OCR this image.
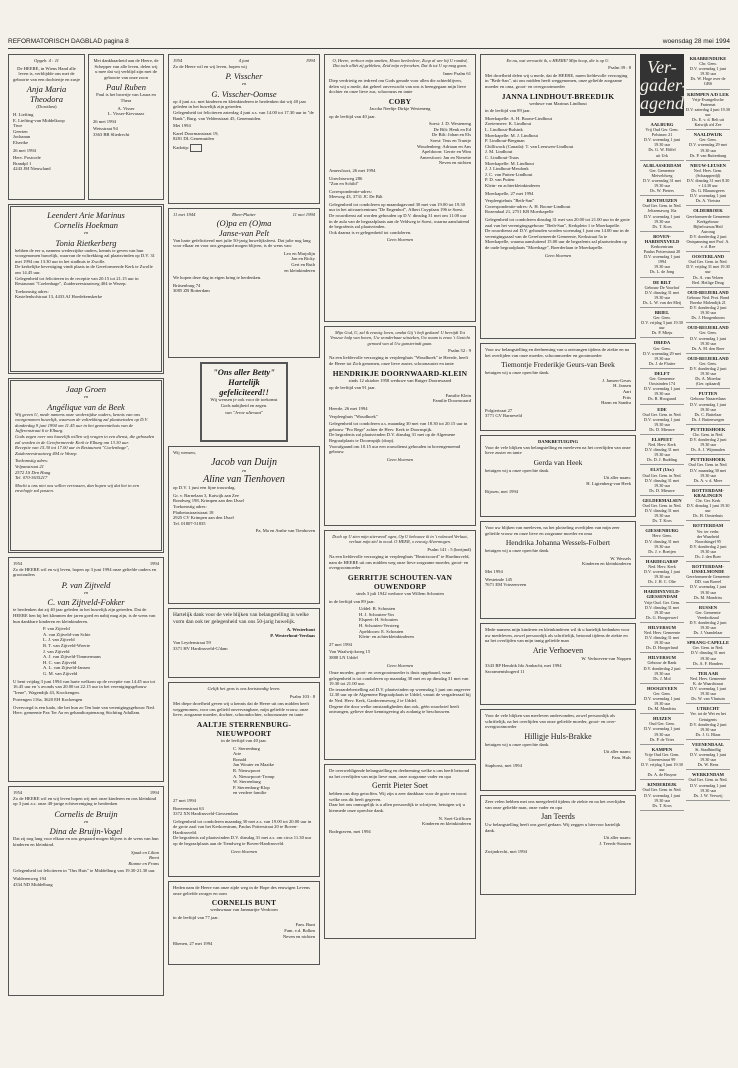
REFORMATORISCH DAGBLAD pagina 8	woensdag 28 mei 1994

Opgeb. 4 : 11

De HEERE, in Wiens Hand alle leven is, verblijdde ons met de geboorte van een dochtertje en zusje

Anja Maria Theodora

(Dorothea)

H. Liefting
E. Liefting-van Middelkoop
Tiwe
Geerten
Jochanan
Elsertke

26 mei 1994

Herv. Postcode
Brandpl 1
4243 JM Nieuwland

Met dankbaarheid aan de Heere, de Schepper van alle leven, delen wij u mee dat wij verblijd zijn met de geboorte van onze zoon

Paul Ruben

Paul is het broertje van Laura en Thera

A. Visser
L. Visser-Kievasaar

26 mei 1994

Wetsstraat 94
3363 BB Sliedrecht

Leendert Arie Marinus
Cornelis Hoekman

en

Tonia Rietkerberg

hebben de eer u, namens wederzijdse ouders, kennis te geven van hun voorgenomen huwelijk, waarvan de voltrekking zal plaatsvinden op D.V. 31 mei 1994 om 13.30 uur in het stadhuis te Zwolle.
De kerkelijke bevestiging vindt plaats in de Gereformeerde Kerk te Zwolle om 14.45 uur.
Gelegenheid tot feliciteren in de receptie van 20.15 tot 21.15 uur in Restaurant "Coelenhage", Zuiderzeestraatweg 404 te Wezep.

Toekomstig adres:
Kastelenhofstraat 13, 4433 AJ Hoedekenskerke

Jaap Groen

en

Angélique van de Beek

Wij geven U, mede namens onze wederzijdse ouders, kennis van ons voorgenomen huwelijk, waarvan de voltrekking zal plaatsvinden op D.V. donderdag 9 juni 1994 om 11.45 uur in het gemeentehuis van de Jufferenstraat 6 te Elburg.
Gods zegen over ons huwelijk willen wij vragen in een dienst, die gehouden zal worden in de Gereformeerde Kerk te Elburg om 13.30 uur.
Receptie van 15.30 tot 17.00 uur in Restaurant "Coelenhage", Zuiderzeestraatweg 404 te Wezep.

Toekomstig adres:
Velpanstraat 21
2572 LS Den Haag
Tel. 070-3635217

Mocht u ons niet ons willen verrassen, dan hopen wij dat het in een envelopje zal passen.

1954	1994

Zo de HEERE wil en wij leven, hopen op 3 juni 1994 onze geliefde ouders en grootouders

P. van Zijtveld

en

C. van Zijtveld-Fokker

te herdenken dat zij 40 jaar geleden in het huwelijk zijn getreden. Dat de HEERE hen bij het klimmen der jaren goed en nabij mag zijn, is de wens van hun dankbare kinderen en kleinkinderen.

P. van Zijtveld
A. van Zijtveld-van Schie
L. J. van Zijtveld
B. T. van Zijtveld-Woerte
J. van Zijtveld
A. J. van Zijtveld-Timmermans
H. C. van Zijtveld
A. L. van Zijtveld-Jansen
G. M. van Zijtveld

U bent vrijdag 3 juni 1994 van harte welkom op de receptie van 14.45 uur tot 16.45 uur en 's avonds van 20.00 tot 22.15 uur in het verenigingsgebouw "Irene", Wagendijk 43, Krockengen.

Portengen 116a, 3620 EH Kockengen

Overvoegd is een kado, die het hun zo Ten bate van verenigingsgebouw Ned. Herv. gemeente Pax Ter Aa en gehandicaptenzorg Stichting Adullam.

1954	1994

Zo de HEERE wil en wij leven hopen wij met onze kinderen en ons kleinkind op 3 juni a.s. onze 40-jarige echtvereniging te herdenken

Cornelis de Bruijn

en

Dina de Bruijn-Vogel

Dat zij nog lang voor elkaar en ons gespaard mogen blijven is de wens van hun kinderen en kleinkind.

Sjaak en Lilian
Brent
Rianne en Frans

Gelegenheid tot feliciteren in "Ons Huis" te Middelburg van 19.30-21.30 uur.

Walderenweg 194
4334 ND Middelburg

1954	4 juni	1994

Zo de Heere wil en wij leven, hopen wij

P. Visscher

en

G. Visscher-Oomse

op 4 juni a.s. met kinderen en kleinkinderen te herdenken dat wij 40 jaar geleden in het huwelijk zijn getreden.
Gelegenheid tot feliciteren zaterdag 4 juni a.s. van 14.00 tot 17.30 uur in "de Bank", Burg. van Veldenstraat 45, Genemuiden.

Mei 1994

Karel Doormanstraat 19,
8281 DL Genemuiden

Kadotip:

11 mei 1944	Rhen-Platter	11 mei 1994
(O)pa en (O)ma
Janse-van Pelt

Van harte gefeliciteerd met julie 50-jarig huwelijksfeest. Dat julie nog lang voor elkaar en voor ons gespaard mogen blijven, is de wens van:

Leo en Marjolijn
Jan en Ricky
Gert en Ruth
en kleinkinderen

We hopen deze dag in eigen kring te herdenken.

Britsenburg 74
3085 ZB Rotterdam

"Ons aller Betty" Hartelijk gefeliciteerd!!

Wij wensen je ook voor de toekomst Gods nabijheid en zegen.

van "Jeroe uItevaat"

Wij wensen,

Jacob van Duijn

en

Aline van Tienhoven

op D.V. 1 juni een fijne trouwdag.

Gr. v. Barnelaan 3, Katwijk aan Zee
Rondweg 198, Krimpen aan den IJssel
Toekomstig adres:
Platbetastraatstraat 18
2925 CV Krimpen aan den IJssel
Tel. 01807-51835

Pa, Ma en Arnhe van Tienhoven

Hartelijk dank voor de vele blijken van belangstelling in welke vorm dan ook ter gelegenheid van ons 50-jarig huwelijk.

A. Westerhout
P. Westerhout-Verdaas

Van Leydenstraat 59
3371 HV Hardinxveld-G'dam

Gelijk het gras is ons kortstondig leven.

Psalm 103 : 8

Met diepe droefheid geven wij u kennis dat de Heere uit ons midden heeft weggenomen, voor ons geliefd onvervangbare, mijn geliefde vrouw, onze lieve, zorgzame moeder, dochter, schoondochter, schoonzuster en tante

AALTJE STERRENBURG-NIEUWPOORT

in de leeftijd van 40 jaar.

C. Sterrenburg
Arie
Ronald
Jan Wouter en Maaike
R. Nieuwpoort
A. Nieuwpoort-Tromp
W. Sterrenburg
P. Sterrenburg-Klop
en verdere familie

27 mei 1994

Boezemstraat 63
3372 XN Hardinxveld-Giessendam

Gelegenheid tot condoleren maandag 30 mei a.s. van 19.00 tot 20.00 uur in de grote zaal van het Kerkcentrum, Paulus Potterstraat 20 te Boven-Hardinxveld.
De begrafenis zal plaatsvinden D.V. dinsdag 31 mei a.s. om circa 11.30 uur op de begraafplaats aan de Tiendweg te Boven-Hardinxveld.

Geen bloemen

Heden nam de Heere van onze zijde weg in de Hope des eeuwigen Levens onze geliefde zwager en oom

CORNELIS BUNT

weduwnaar van Janmartjte Verdoorn

in de leeftijd van 77 jaar.

Fam. Bunt
Fam. v.d. Bolkm
Neven en nichten

Rhenen, 27 mei 1994

O, Heere, verhoor mijn smeken, Houw heelenleve, Zoop al wer bij U ronded, Dia toch alliét zij gebleken, Zeid mijn erfvroeken. Dat ik tot U op mag gaan.

Inner Psalm 61

Diep verdrietig en tedreed om Gods genade voor allen die achterblijven, delen wij u mede, dat geheel onverwacht van ons is heengegaan mijn lieve dochter en onze lieve zus, schoonzus en tante

COBY

Jacoba Neeltje Dirkje Westeneng

op de leeftijd van 40 jaar.

Soest: J. D. Westeneng
De Bilt: Henk en Ed
De Bilt: Johan en Els
Soest: Teus en Truntje
Woudenberg: Adriaan en Ans
Apeldoorn: Gerrie en Wim
Amersfoort: Jan en Niesette
Neven en nichten

Amersfoort, 26 mei 1994

Utrechtseweg 286
"Zon en Schild"

Correspondentie-adres:
Meeweg 43, 3731 JC De Bilt

Gelegenheid tot condoleren op maandagavond 30 mei van 19.00 tot 19.30 uur in het uitvaartcentrum "De Engenhof", Albert Cuypfaan 196 te Soest.
De rouwdienst zal worden gehouden op D.V. dinsdag 31 mei om 11.00 uur in de aula van de begraafplaats aan de Veldweg te Soest, waarna aansluitend de begrafenis zal plaatsvinden.
Ook daarna is er gelegenheid tot condoleren.

Geen bloemen

Mijn God, U, zal ik eeuwig loven, omdat Gij 't heft gedaan! U bevrijdt Tot Vrouwe hulp van boven, Uw wonderbaar uitsteken, Uw naam is eeuw 't Gezicht gemoed van al Uw gunstvrindt gaan.

Psalm 52 : 9

Na een liefdevolle verzorging in verpleeghuis "Woudhoek" te Heerde, heeft de Heere tot Zich genomen, onze lieve zuster, schoonzuster en tante

HENDRIKJE DOORNWAARD-KLEIN

sinds 12 oktober 1958 weduwe van Rutger Doornwaard

op de leeftijd van 91 jaar.

Familie Klein
Familie Doornwaard

Heerde, 26 mei 1994

Verpleeghuis "Woudhoek"

Gelegenheid tot condoleren a.s. maandag 30 mei van 18.30 tot 20.15 uur in gebouw "Pro Rege" achter de Herv. Kerk te Doornspijk.
De begrafenis zal plaatsvinden D.V. dinsdag 31 mei op de Algemene Begraafplaats te Doornspijk (dorp).
Voorafgaand om 10.15 uur een rouwdienst gehouden in bovengenoemd gebouw.

Geen bloemen

Doch op U zien mijn stiervend' ogen, Op U behouwe ik in 't volmoed Verlaat, verlaat mijn ziel in nood. O HEER, o eeuwig Alvermogen.

Psalm 141 : 5 (berijmd)

Na een liefdevolle verzorging in verpleeghuis "Beatrixoord" te Hardinxveld, nam de HEERE uit ons midden weg onze lieve zorgzame moeder, groot- en overgrootmoeder

GERRITJE SCHOUTEN-VAN OUWENDORP

sinds 3 juli 1942 weduwe van Willem Schouten

in de leeftijd van 89 jaar.

Uddel: B. Schouten
H. J. Schouten-Vos
Elspeet: H. Schouten
H. Schouten-Versteeg
Apeldoorn: E. Schouten
Klein- en achterkleinkinderen

27 mei 1994

Van Waalwijckweg 15
3888 LN Uddel

Geen bloemen

Onze moeder, groot- en overgrootmoeder is thuis opgebaard, waar gelegenheid is tot condoleren op maandag 30 mei en op dinsdag 31 mei van 19.30 tot 21.00 uur.
De teraardebestelling zal D.V. plaatsvinden op woensdag 1 juni om ongeveer 12.30 uur op de Algemene Begraafplaats te Uddel, vanuit de vergaderzaal bij de Ned. Herv. Kerk, Garderenseweg 2 te Uddel.
Degene die door welke omstandigheden dan ook, géén rouwbrief heeft ontvangen, gelieve deze kennisgeving als zodanig te beschouwen.

De overweldigende belangstelling en deelneming welke u ons heeft betoond na het overlijden van mijn lieve man, onze zorgzame vader en opa

Gerrit Pieter Soet

hebben ons diep getroffen. Wij zijn u zeer dankbaar voor de grote en troost welke ons dit heeft gegeven.
Daar het ons onmogelijk is u allen persoonlijk te schrijven, betuigen wij u hiermede onze oprechte dank.

N. Soet-Griffioen
Kinderen en kleinkinderen

Bodegraven, mei 1994

En nu, wat verwacht ik, o HEERE! Mijn hoop, die is op U.

Psalm 39 : 8

Met droefheid delen wij u mede, dat de HEERE, naren liefdevolle verzorging in "Beth-San", uit ons midden heeft weggenomen, onze geliefde zorgzame moeder en oma, groot- en overgrootmoeder

JANNA LINDHOUT-BREEDIJK

weduwe van Marinus Lindhout

in de leeftijd van 89 jaar.

Moerkapelle: A. H. Boone-Lindhout
Zoetermeer: K. Lindhout
L. Lindhout-Bulsink
Moerkapelle: M. J. Lindhout
P. Lindhout-Bregman
Chilliwack (Canada): T. van Leeuwen-Lindhout
J. M. Lindhout
C. Lindhout-Traas
Moerkapelle: M. Lindhout
J. J. Lindhout-Mesdonk
J. C. van Putten-Lindhout
P. D. van Putten
Klein- en achterkleinkinderen

Moerkapelle, 27 mei 1994

Verpleegtehuis "Beth-San"
Correspondentie-adres: A. H. Boone-Lindhout
Rozendaal 21, 2751 KB Moerkapelle

Gelegenheid tot condoleren dinsdag 31 mei van 20.00 tot 21.00 uur in de grote zaal van het verenigingsgebouw "Beth-San", Kerkplein 1 te Moerkapelle.
De rouwdienst zal D.V. gehouden worden woensdag 1 juni om 14.00 uur in de verenigingszaal van de Gereformeerde Gemeente, Kerkstraat 5a te Moerkapelle, waarna aansluitend 15.00 uur de begrafenis zal plaatsvinden op de oude begraafplaats "Moerhage", Boerderlaan te Moerkapelle.

Geen bloemen

Voor uw belangstelling en deelneming van u ontvangen tijdens de ziekte en na het overlijden van onze moeder, schoonmoeder en grootmoeder

Tiemontje Frederikje Geurs-van Beek

betuigen wij u onze oprechte dank.

J. Jansen-Geurs
H. Jansen
Aart
Frits
Harm en Sandra

Polgiertraat 27
3771 GV Barneveld

DANKBETUIGING

Voor de vele blijken van belangstelling en meeleven na het overlijden van onze lieve zuster en tante

Gerda van Heek

betuigen wij u onze oprechte dank.

Uit aller naam:
H. Ligtenberg-van Heek

Rijssen, mei 1994

Voor uw blijken van meeleven, na het plotseling overlijden van mijn zeer geliefde vrouw en onze lieve en zorgzame moeder en oma

Hendrika Johanna Wessels-Folbert

betuigen wij u onze oprechte dank.

W. Wessels
Kinderen en kleinkinderen

Mei 1994

Westeinde 145
7671 EM Vriezenveen

Mede namens mijn kinderen en kleinkinderen wil ik u hartelijk bedanken voor uw medeleven, zowel persoonlijk als schriftelijk, betoond tijdens de ziekte en na het overlijden van mijn innig geliefde man

Arie Verhoeven

W. Verhoeven-van Noppen

3343 BP Hendrik Ido Ambacht, mei 1994
Sacramentsbogerd 11

Voor de vele blijken van meeleven ondervonden, zowel persoonlijk als schriftelijk, na het overlijden van onze geliefde moeder, groot- en over-overgrootmoeder

Hilligje Huls-Brakke

betuigen wij u onze oprechte dank.

Uit aller naam:
Fam. Huls

Staphorst, mei 1994

Zeer velen hebben met ons meegeleefd tijdens de ziekte en na het overlijden van onze geliefde man, onze vader en opa

Jan Teerds

Uw belangstelling heeft ons goed gedaan. Wij zeggen u hiervoor hartelijk dank.

Uit aller naam:
J. Teerds-Stouten

Zwijndrecht, mei 1994

Ver-
gader-
agenda
AALBURG
Vrij Oud Ger. Gem.
Polsinaw 21
D.V. woensdag 1 juni 19.30 uur
Ds. G. W. Hiffel
uit Urk
ALBLASSERDAM
Ger. Gemeente
Meiveldweg
D.V. woensdag 31 mei 19.30 uur
Ds. W. Pieters
BENTHUIZEN
Oud Ger. Gem. in Ned.
Jeltzemaweg 16a
D.V. woensdag 1 juni 19.30 uur
Ds. T. Kros
BOVEN-HARDINXVELD
Kerkcentrum
Paulus Potterstraat 20
D.V. woensdag 1 juni 1994
19.30 uur
Ds. L. de Jong
DE BILT
Gebouw De Voorhof
D.V. dinsdag 31 mei 19.30 uur
Ds. L. W. van der Meij
BRIEL
Ger. Gem.
D.V. vrijdag 3 juni 19.30 uur
Ds. P. Mieju
DREDA
Ger. Gem.
D.V. woensdag 29 mei 19.30 uur
Ds. J. de Fluiter
DELFT
Ger. Gemeente
Oostsinden 174
D.V. woensdag 1 juni 19.30 uur
Ds. B. Hoogaard
EDE
Oud Ger. Gem. in Ned.
D.V. woensdag 1 juni 19.30 uur
Ds. D. Mieuwe
ELSPEET
Ned. Herv. Kerk
D.V. dinsdag 31 mei 19.30 uur
Ds. D. J. Budding
ELST (Utr.)
Oud Ger. Gem. in Ned.
D.V. dinsdag 31 mei 19.30 uur
Ds. D. Mieuwe
GELDERMALSEN
Oud Ger. Gem. in Ned.
D.V. dinsdag 31 mei 19.30 uur
Ds. T. Kros
GIESSENBURG
Herv. Gem.
D.V. dinsdag 31 mei 19.30 uur
Ds. J. v. Boeijen
HARDEGARSP
Ned. Herv. Kerk
D.V. woensdag 1 juni 19.30 uur
Ds. J. H. C. Olie
HARDINXVELD-GIESSENDAM
Vrije Oud. Ger. Gem.
D.V. dinsdag 31 mei 19.30 uur
Ds. G. Hoogerwerf
HILVERSUM
Ned. Herv. Gemeente
D.V. dinsdag 31 mei 19.30 uur
Ds. D. Hoogerland
HILVERSUM
Gebouw de Rank
D.V. donderdag 2 juni 19.30 uur
Ds. J. Mol
HOOGEVEEN
Ger. Gem.
D.V. woensdag 1 juni 19.30 uur
Ds. M. Mondriss
HUIZEN
Oud Ger. Gem.
D.V. woensdag 1 juni 19.30 uur
Ds. P. de Vries
KAMPEN
Vrije Oud Ger. Gem.
Groenestraat 99
D.V. vrijdag 3 juni 19.30 uur
Ds. A. de Bruyne
KINDERDIJK
Oud Ger. Gem. in Ned.
D.V. woensdag 1 juni 19.30 uur
Ds. T. Kros
KRABBENDIJKE
Chr. Gem.
D.V. woensdag 1 juni 19.30 uur
Ds. W. Hoge over de GBS
KRIMPEN A/D LEK
Vrije Evangelische Fraternat
D.V. zaterdag 4 juni 19.30 uur
Ds. E. v. d. Belt uit Katwijk a/d Zee
NAALDWIJK
Ger. Gem.
D.V. woensdag 29 mei 19.30 uur
Ds. P. van Ruitenburg
NIEUW-LEUSEN
Ned. Herv. Gem. (Schaapperdjl)
D.V. dinsdag 31 mei 8.30 + 14.30 uur
Ds. G. Blaauwgeers
D.V. woensdag 1 juni
Ds. A. Vietstra
OLDEBROEK
Gereformeerde Gemeente Kerkgebouw
Bijbelcursus/Heil Aurorag
D.V. donderdag 2 juni
Ontspanning met Prof. A. v. d. Ree
OOSTERLAND
Oud Ger. Gem. in Ned.
D.V. vrijdag 31 mei 19.30 uur
Ds. A. van Velzen
Berl. Heilige Deug
OUD-BEIJERLAND
Gebouw Ned. Prot. Bond Boerke Molendijk 21
D.V. donderdag 2 juni 19.30 uur
Ds. J. Hoogenboom
OUD-BEIJERLAND
Ger. Gem.
D.V. woensdag 1 juni 19.30 uur
Ds. A. M. den Boer
OUD-BEIJERLAND
Ger. Gem.
D.V. donderdag 2 juni 19.30 uur
Ds. A. Moerlaz
(Ger. opkaard)
PUTTEN
Gebouw Nazaretlaan
D.V. woensdag 1 juni 19.30 uur
Ds. C. Buitelaar
Ds. J. Buitenwegen
PUTTERSHOEK
Chr. Gem. in Ned.
D.V. donderdag 2 juni 19.30 uur
Ds. A. J. Wijnmalen
PUTTERSHOEK
Oud Ger. Gem. in Ned.
D.V. maandag 30 mei 19.30 uur
Ds. A. v. d. Meer
ROTTERDAM-KRALINGEN
Chr. Ger. Kerk
D.V. dinsdag 1 juni 19.30 uur
Ds. H. Oosterhuis
ROTTERDAM
Ver. ter verbr.
der Waarheid
Noordsingel 95
D.V. donderdag 2 juni 19.30 uur
Ds. J. den Boer
ROTTERDAM-IJSSELMONDE
Gereformeerde Gemeente
DD. van Boreel
D.V. woensdag 1 juni 19.30 uur
Ds. M. Mondriss
RUSSEN
Ger. Gemeente
Veenhoftzaal
D.V. donderdag 2 juni 19.30 uur
Ds. J. Vaandelaar
SPRANG-CAPELLE
Ger. Gem. in Ned.
D.V. dinsdag 31 mei 19.30 uur
Ds. A. F. Honders
TER AAR
Ned. Herv. Gemeente
K. de Waardstraat
D.V. woensdag 1 juni 19.30 uur
Ds. W. van Vlastuin
UTRECHT
Ver. tot de Wet en het Getuigenis
D.V. donderdag 2 juni 19.30 uur
Ds. J. G. Blaas
VEENENDAAL
St. Staalbindlig
D.V. woensdag 1 juni 19.30 uur
Ds. W. Rens
WERKENDAM
Oud Ger. Gem. in Ned.
D.V. woensdag 1 juni 19.30 uur
Ds. J. W. Verweij
